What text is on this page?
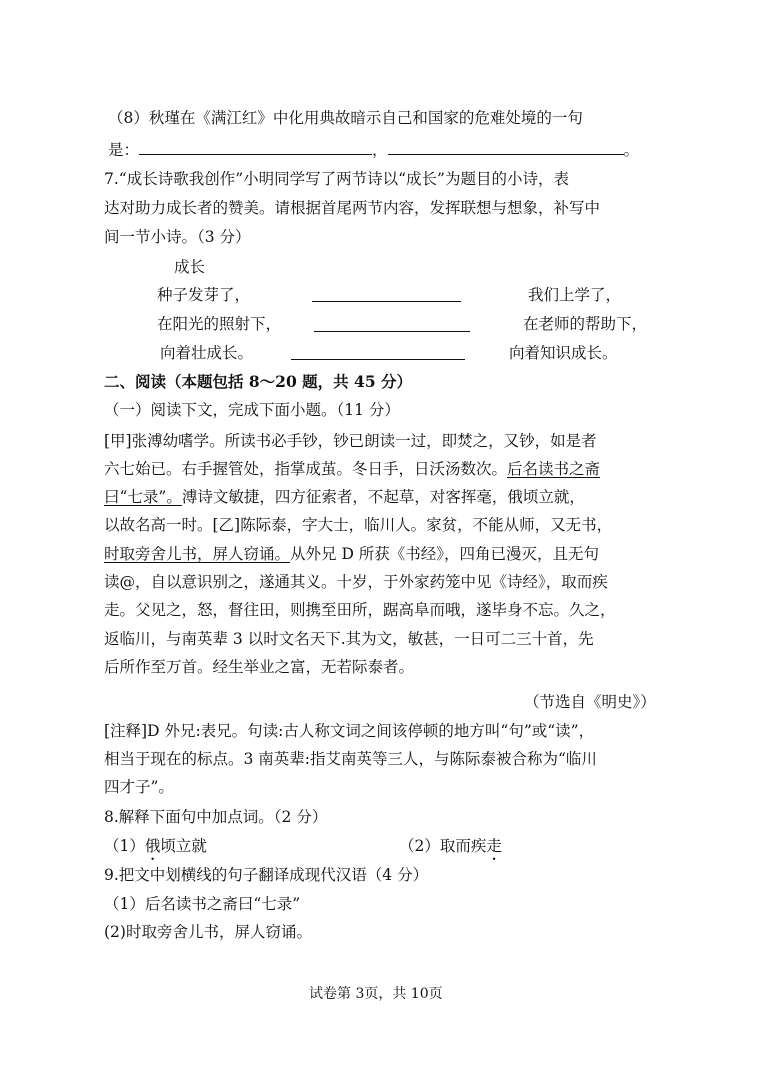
（8）秋瑾在《满江红》中化用典故暗示自己和国家的危难处境的一句
是：	，	。
7.“成长诗歌我创作”小明同学写了两节诗以“成长”为题目的小诗，表
达对助力成长者的赞美。请根据首尾两节内容，发挥联想与想象，补写中
间一节小诗。（3 分）
成长
种子发芽了，	我们上学了，
在阳光的照射下，	在老师的帮助下，
向着壮成长。	向着知识成长。
二、阅读（本题包括 8～20 题，共 45 分）
（一）阅读下文，完成下面小题。（11 分）
[甲]张溥幼嗜学。所读书必手钞，钞已朗读一过，即焚之，又钞，如是者
六七始已。右手握管处，指掌成茧。冬日手，日沃汤数次。后名读书之斋
曰“七录”。溥诗文敏捷，四方征索者，不起草，对客挥毫，俄顷立就，
以故名高一时。[乙]陈际泰，字大士，临川人。家贫，不能从师，又无书，
时取旁舍儿书，屏人窃诵。从外兄 D 所获《书经》，四角已漫灭，且无句
读@，自以意识别之，遂通其义。十岁，于外家药笼中见《诗经》，取而疾
走。父见之，怒，督往田，则携至田所，踞高阜而哦，遂毕身不忘。久之，
返临川，与南英辈 3 以时文名天下.其为文，敏甚，一日可二三十首，先
后所作至万首。经生举业之富，无若际泰者。
（节选自《明史》）
[注释]D 外兄:表兄。句读:古人称文词之间该停顿的地方叫“句”或“读”，
相当于现在的标点。3 南英辈:指艾南英等三人，与陈际泰被合称为“临川
四才子”。
8.解释下面句中加点词。（2 分）
（1）俄顷立就	（2）取而疾走
9.把文中划横线的句子翻译成现代汉语（4 分）
（1）后名读书之斋曰“七录”
(2)时取旁舍儿书，屏人窃诵。
试卷第 3页，共 10页
